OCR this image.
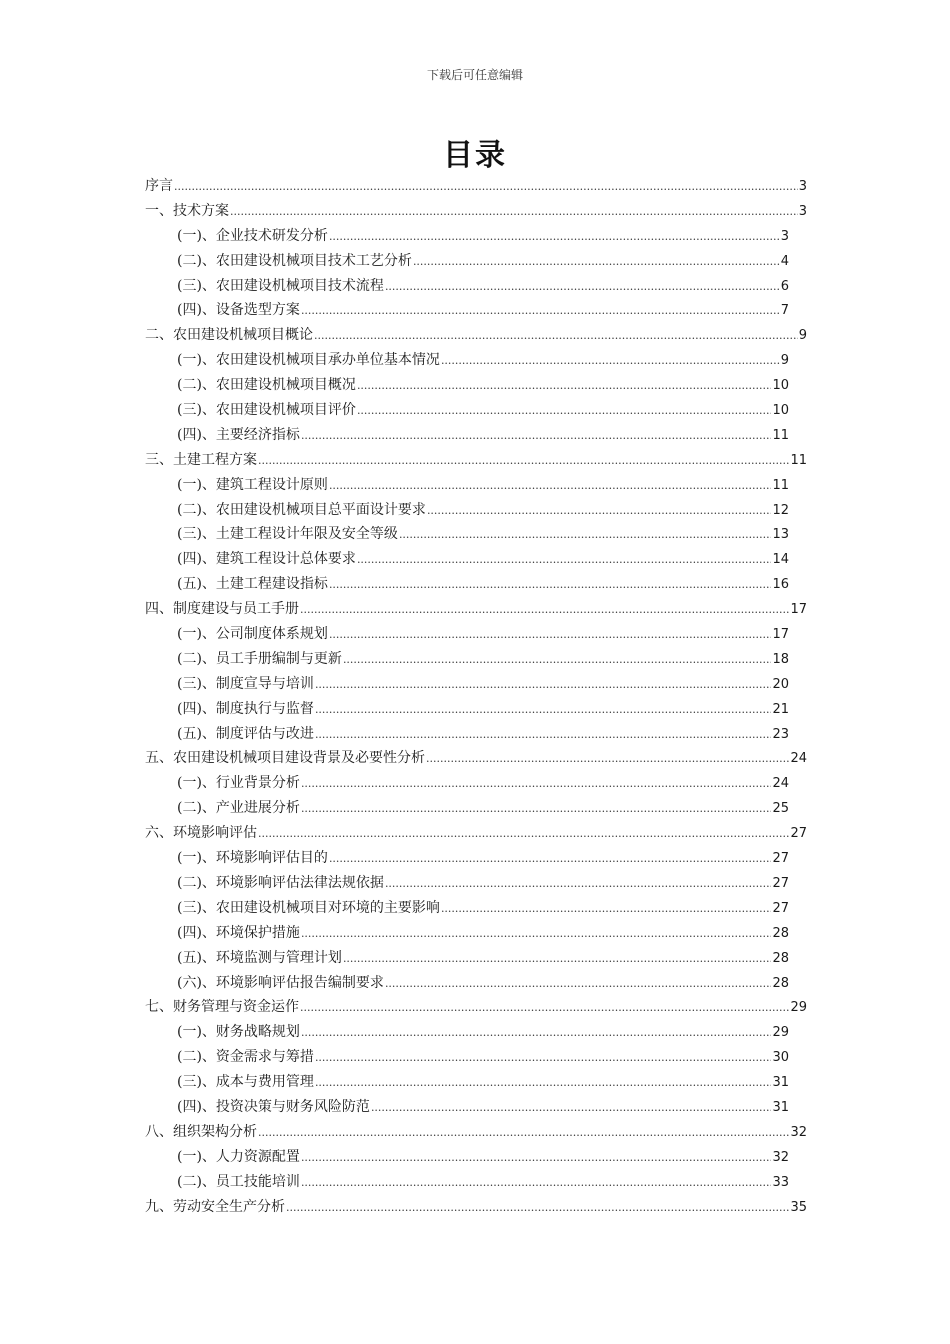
下载后可任意编辑
目录
序言 .....	3
一、技术方案 .....	3
(一)、企业技术研发分析 .....	3
(二)、农田建设机械项目技术工艺分析 .....	4
(三)、农田建设机械项目技术流程 .....	6
(四)、设备选型方案 .....	7
二、农田建设机械项目概论 .....	9
(一)、农田建设机械项目承办单位基本情况 .....	9
(二)、农田建设机械项目概况 .....	10
(三)、农田建设机械项目评价 .....	10
(四)、主要经济指标 .....	11
三、土建工程方案 .....	11
(一)、建筑工程设计原则 .....	11
(二)、农田建设机械项目总平面设计要求 .....	12
(三)、土建工程设计年限及安全等级 .....	13
(四)、建筑工程设计总体要求 .....	14
(五)、土建工程建设指标 .....	16
四、制度建设与员工手册 .....	17
(一)、公司制度体系规划 .....	17
(二)、员工手册编制与更新 .....	18
(三)、制度宣导与培训 .....	20
(四)、制度执行与监督 .....	21
(五)、制度评估与改进 .....	23
五、农田建设机械项目建设背景及必要性分析 .....	24
(一)、行业背景分析 .....	24
(二)、产业进展分析 .....	25
六、环境影响评估 .....	27
(一)、环境影响评估目的 .....	27
(二)、环境影响评估法律法规依据 .....	27
(三)、农田建设机械项目对环境的主要影响 .....	27
(四)、环境保护措施 .....	28
(五)、环境监测与管理计划 .....	28
(六)、环境影响评估报告编制要求 .....	28
七、财务管理与资金运作 .....	29
(一)、财务战略规划 .....	29
(二)、资金需求与筹措 .....	30
(三)、成本与费用管理 .....	31
(四)、投资决策与财务风险防范 .....	31
八、组织架构分析 .....	32
(一)、人力资源配置 .....	32
(二)、员工技能培训 .....	33
九、劳动安全生产分析 .....	35
